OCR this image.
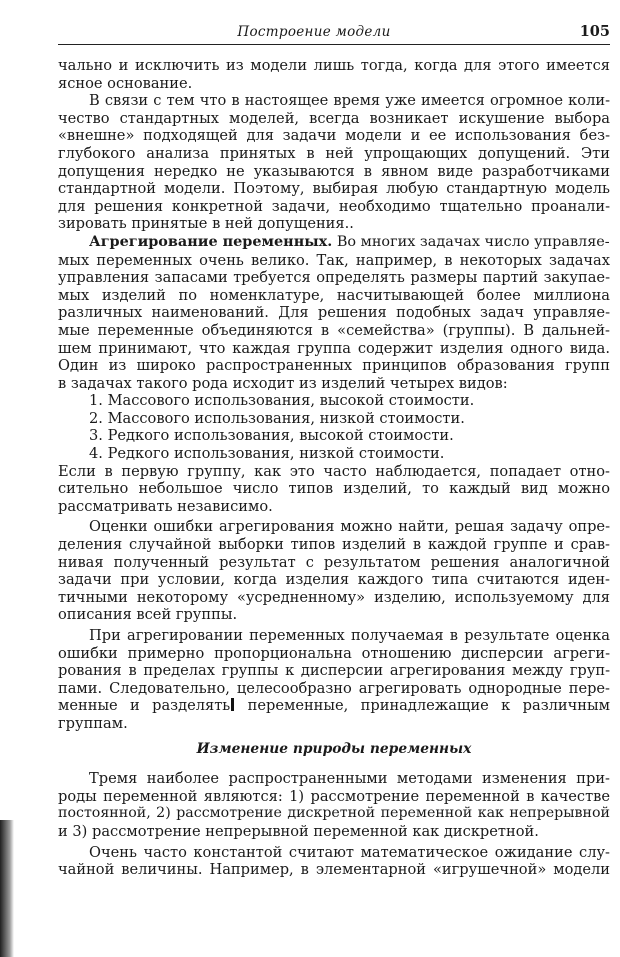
Построение модели	105
чально и исключить из модели лишь тогда, когда для этого имеется
ясное основание.
В связи с тем что в настоящее время уже имеется огромное коли-
чество стандартных моделей, всегда возникает искушение выбора
«внешне» подходящей для задачи модели и ее использования без-
глубокого анализа принятых в ней упрощающих допущений. Эти
допущения нередко не указываются в явном виде разработчиками
стандартной модели. Поэтому, выбирая любую стандартную модель
для решения конкретной задачи, необходимо тщательно проанали-
зировать принятые в ней допущения..
Агрегирование переменных. Во многих задачах число управляе-
мых переменных очень велико. Так, например, в некоторых задачах
управления запасами требуется определять размеры партий закупае-
мых изделий по номенклатуре, насчитывающей более миллиона
различных наименований. Для решения подобных задач управляе-
мые переменные объединяются в «семейства» (группы). В дальней-
шем принимают, что каждая группа содержит изделия одного вида.
Один из широко распространенных принципов образования групп
в задачах такого рода исходит из изделий четырех видов:
1. Массового использования, высокой стоимости.
2. Массового использования, низкой стоимости.
3. Редкого использования, высокой стоимости.
4. Редкого использования, низкой стоимости.
Если в первую группу, как это часто наблюдается, попадает отно-
сительно небольшое число типов изделий, то каждый вид можно
рассматривать независимо.
Оценки ошибки агрегирования можно найти, решая задачу опре-
деления случайной выборки типов изделий в каждой группе и срав-
нивая полученный результат с результатом решения аналогичной
задачи при условии, когда изделия каждого типа считаются иден-
тичными некоторому «усредненному» изделию, используемому для
описания всей группы.
При агрегировании переменных получаемая в результате оценка
ошибки примерно пропорциональна отношению дисперсии агреги-
рования в пределах группы к дисперсии агрегирования между груп-
пами. Следовательно, целесообразно агрегировать однородные пере-
менные и разделять переменные, принадлежащие к различным
группам.
Изменение природы переменных
Тремя наиболее распространенными методами изменения при-
роды переменной являются: 1) рассмотрение переменной в качестве
постоянной, 2) рассмотрение дискретной переменной как непрерывной
и 3) рассмотрение непрерывной переменной как дискретной.
Очень часто константой считают математическое ожидание слу-
чайной величины. Например, в элементарной «игрушечной» модели
